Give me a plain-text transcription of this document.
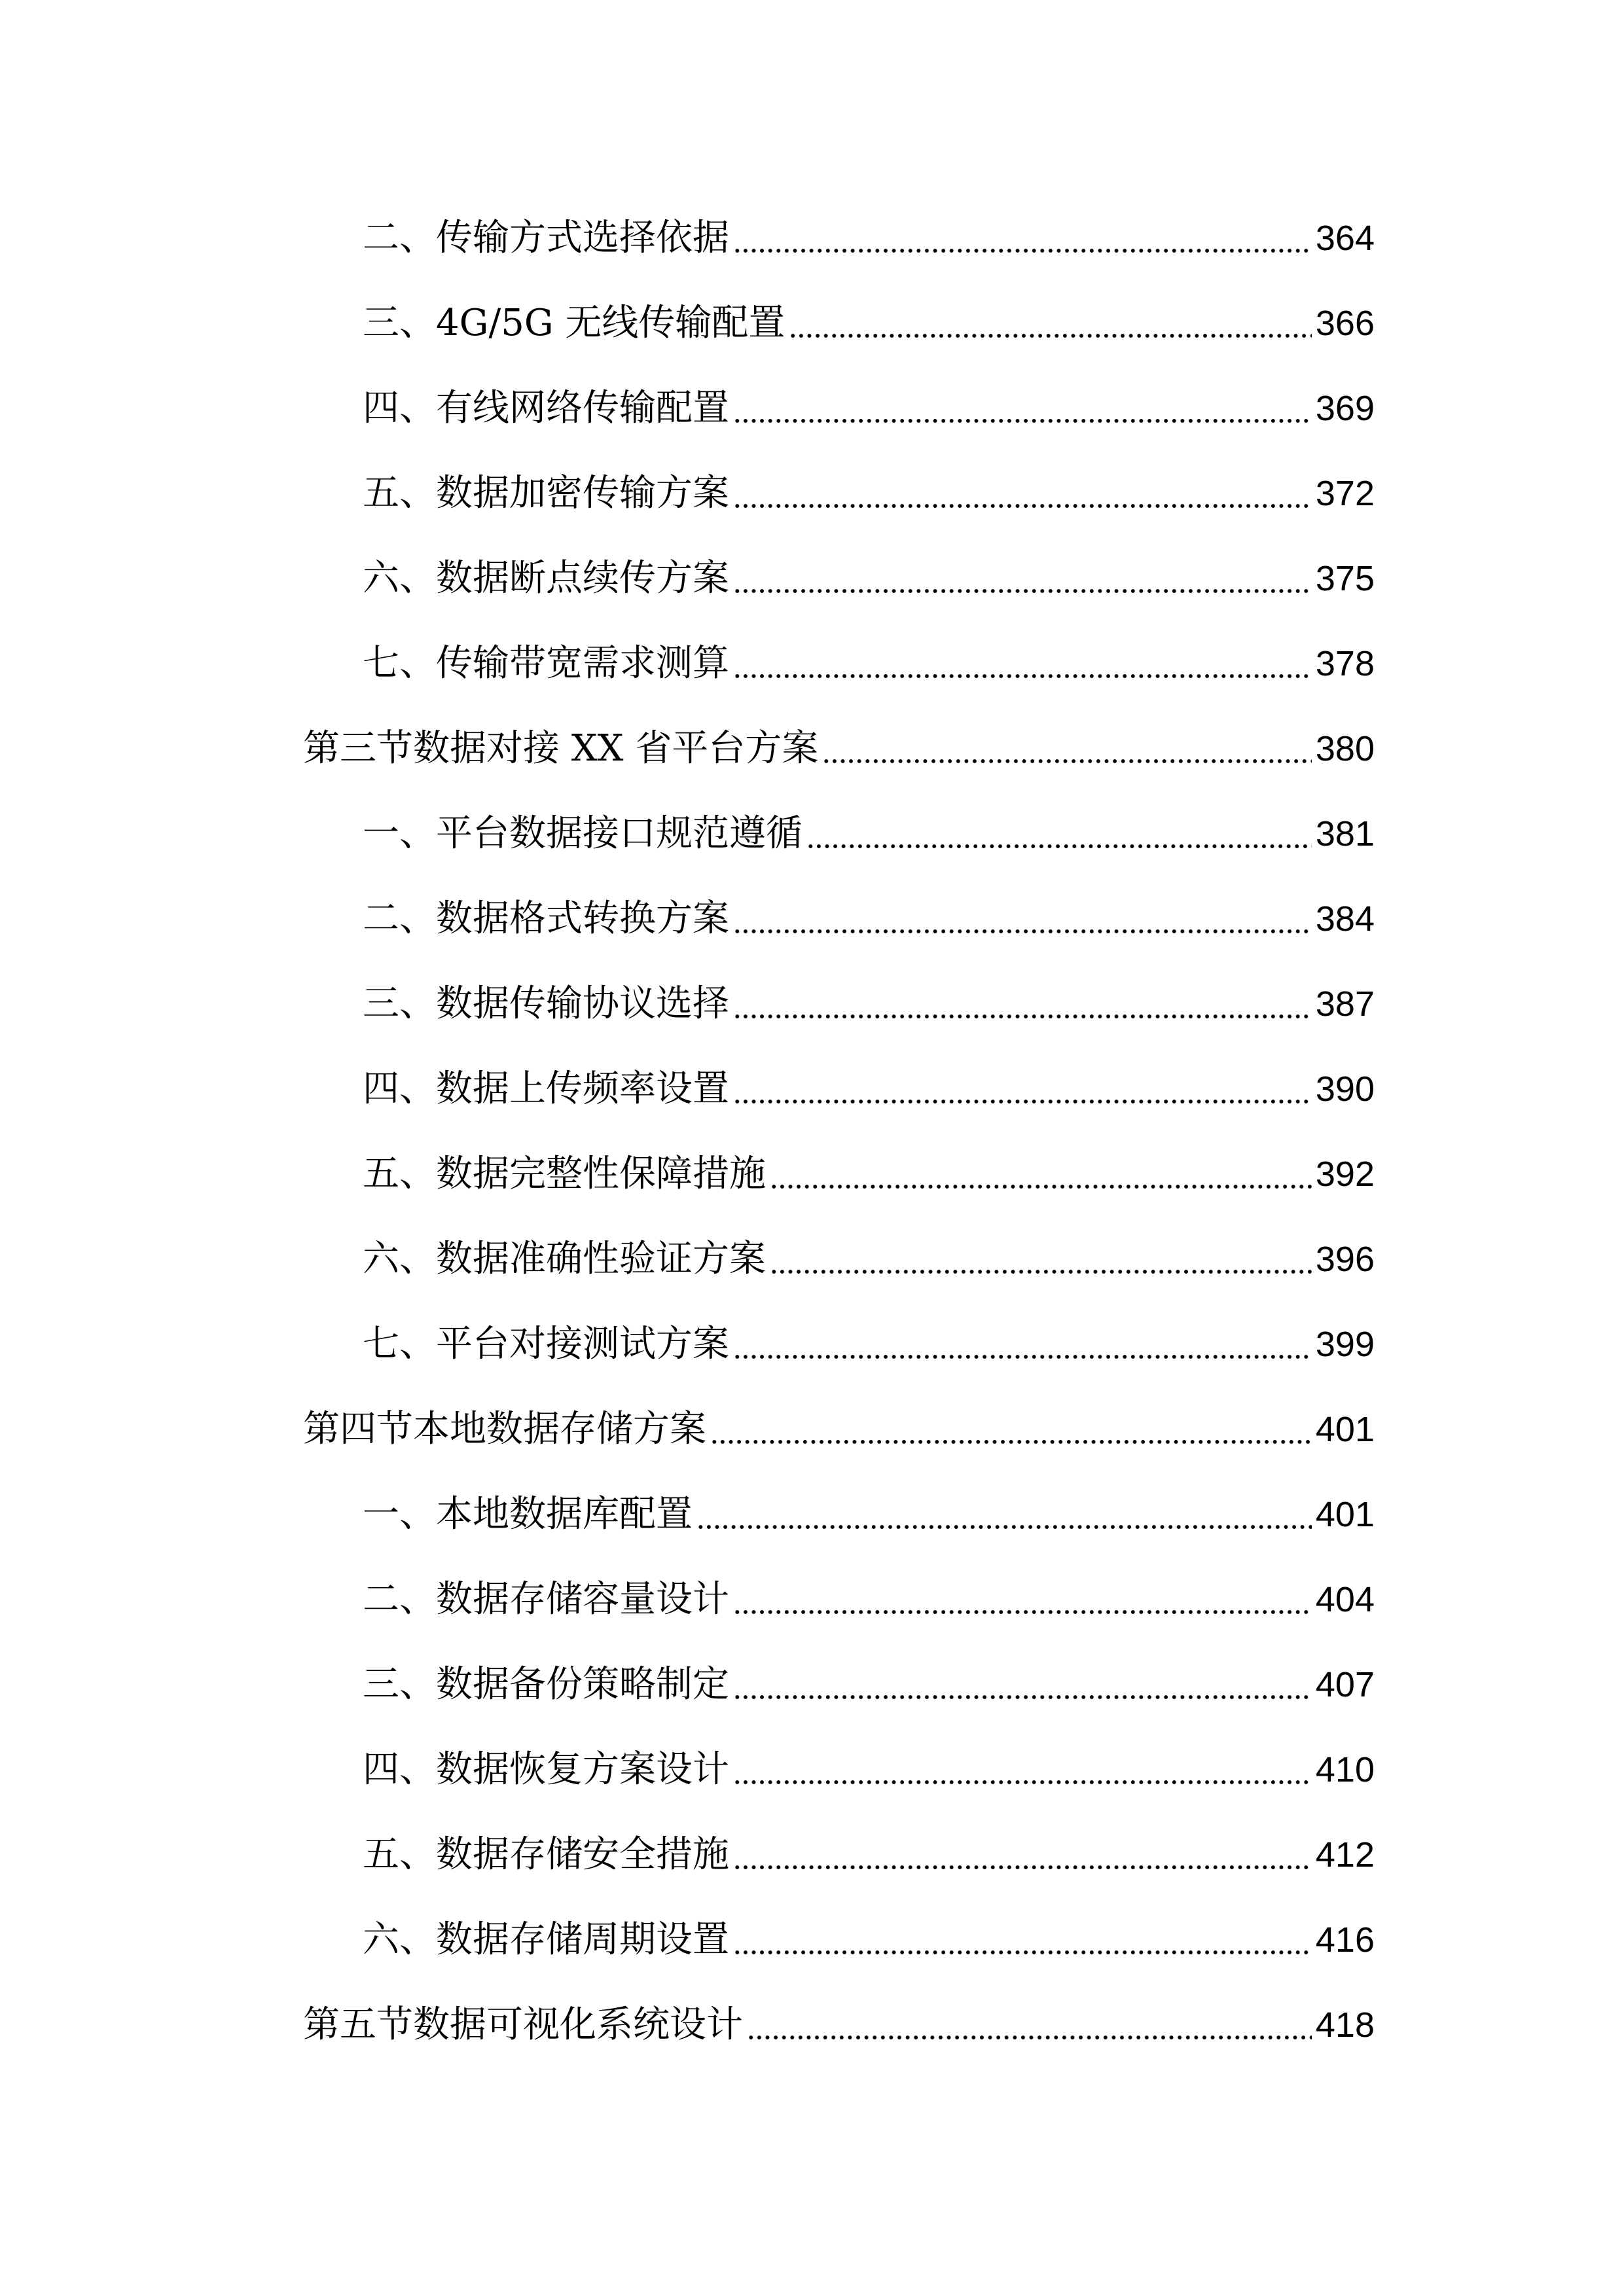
二、传输方式选择依据	364
三、4G/5G 无线传输配置	366
四、有线网络传输配置	369
五、数据加密传输方案	372
六、数据断点续传方案	375
七、传输带宽需求测算	378
第三节数据对接 XX 省平台方案	380
一、平台数据接口规范遵循	381
二、数据格式转换方案	384
三、数据传输协议选择	387
四、数据上传频率设置	390
五、数据完整性保障措施	392
六、数据准确性验证方案	396
七、平台对接测试方案	399
第四节本地数据存储方案	401
一、本地数据库配置	401
二、数据存储容量设计	404
三、数据备份策略制定	407
四、数据恢复方案设计	410
五、数据存储安全措施	412
六、数据存储周期设置	416
第五节数据可视化系统设计	418
